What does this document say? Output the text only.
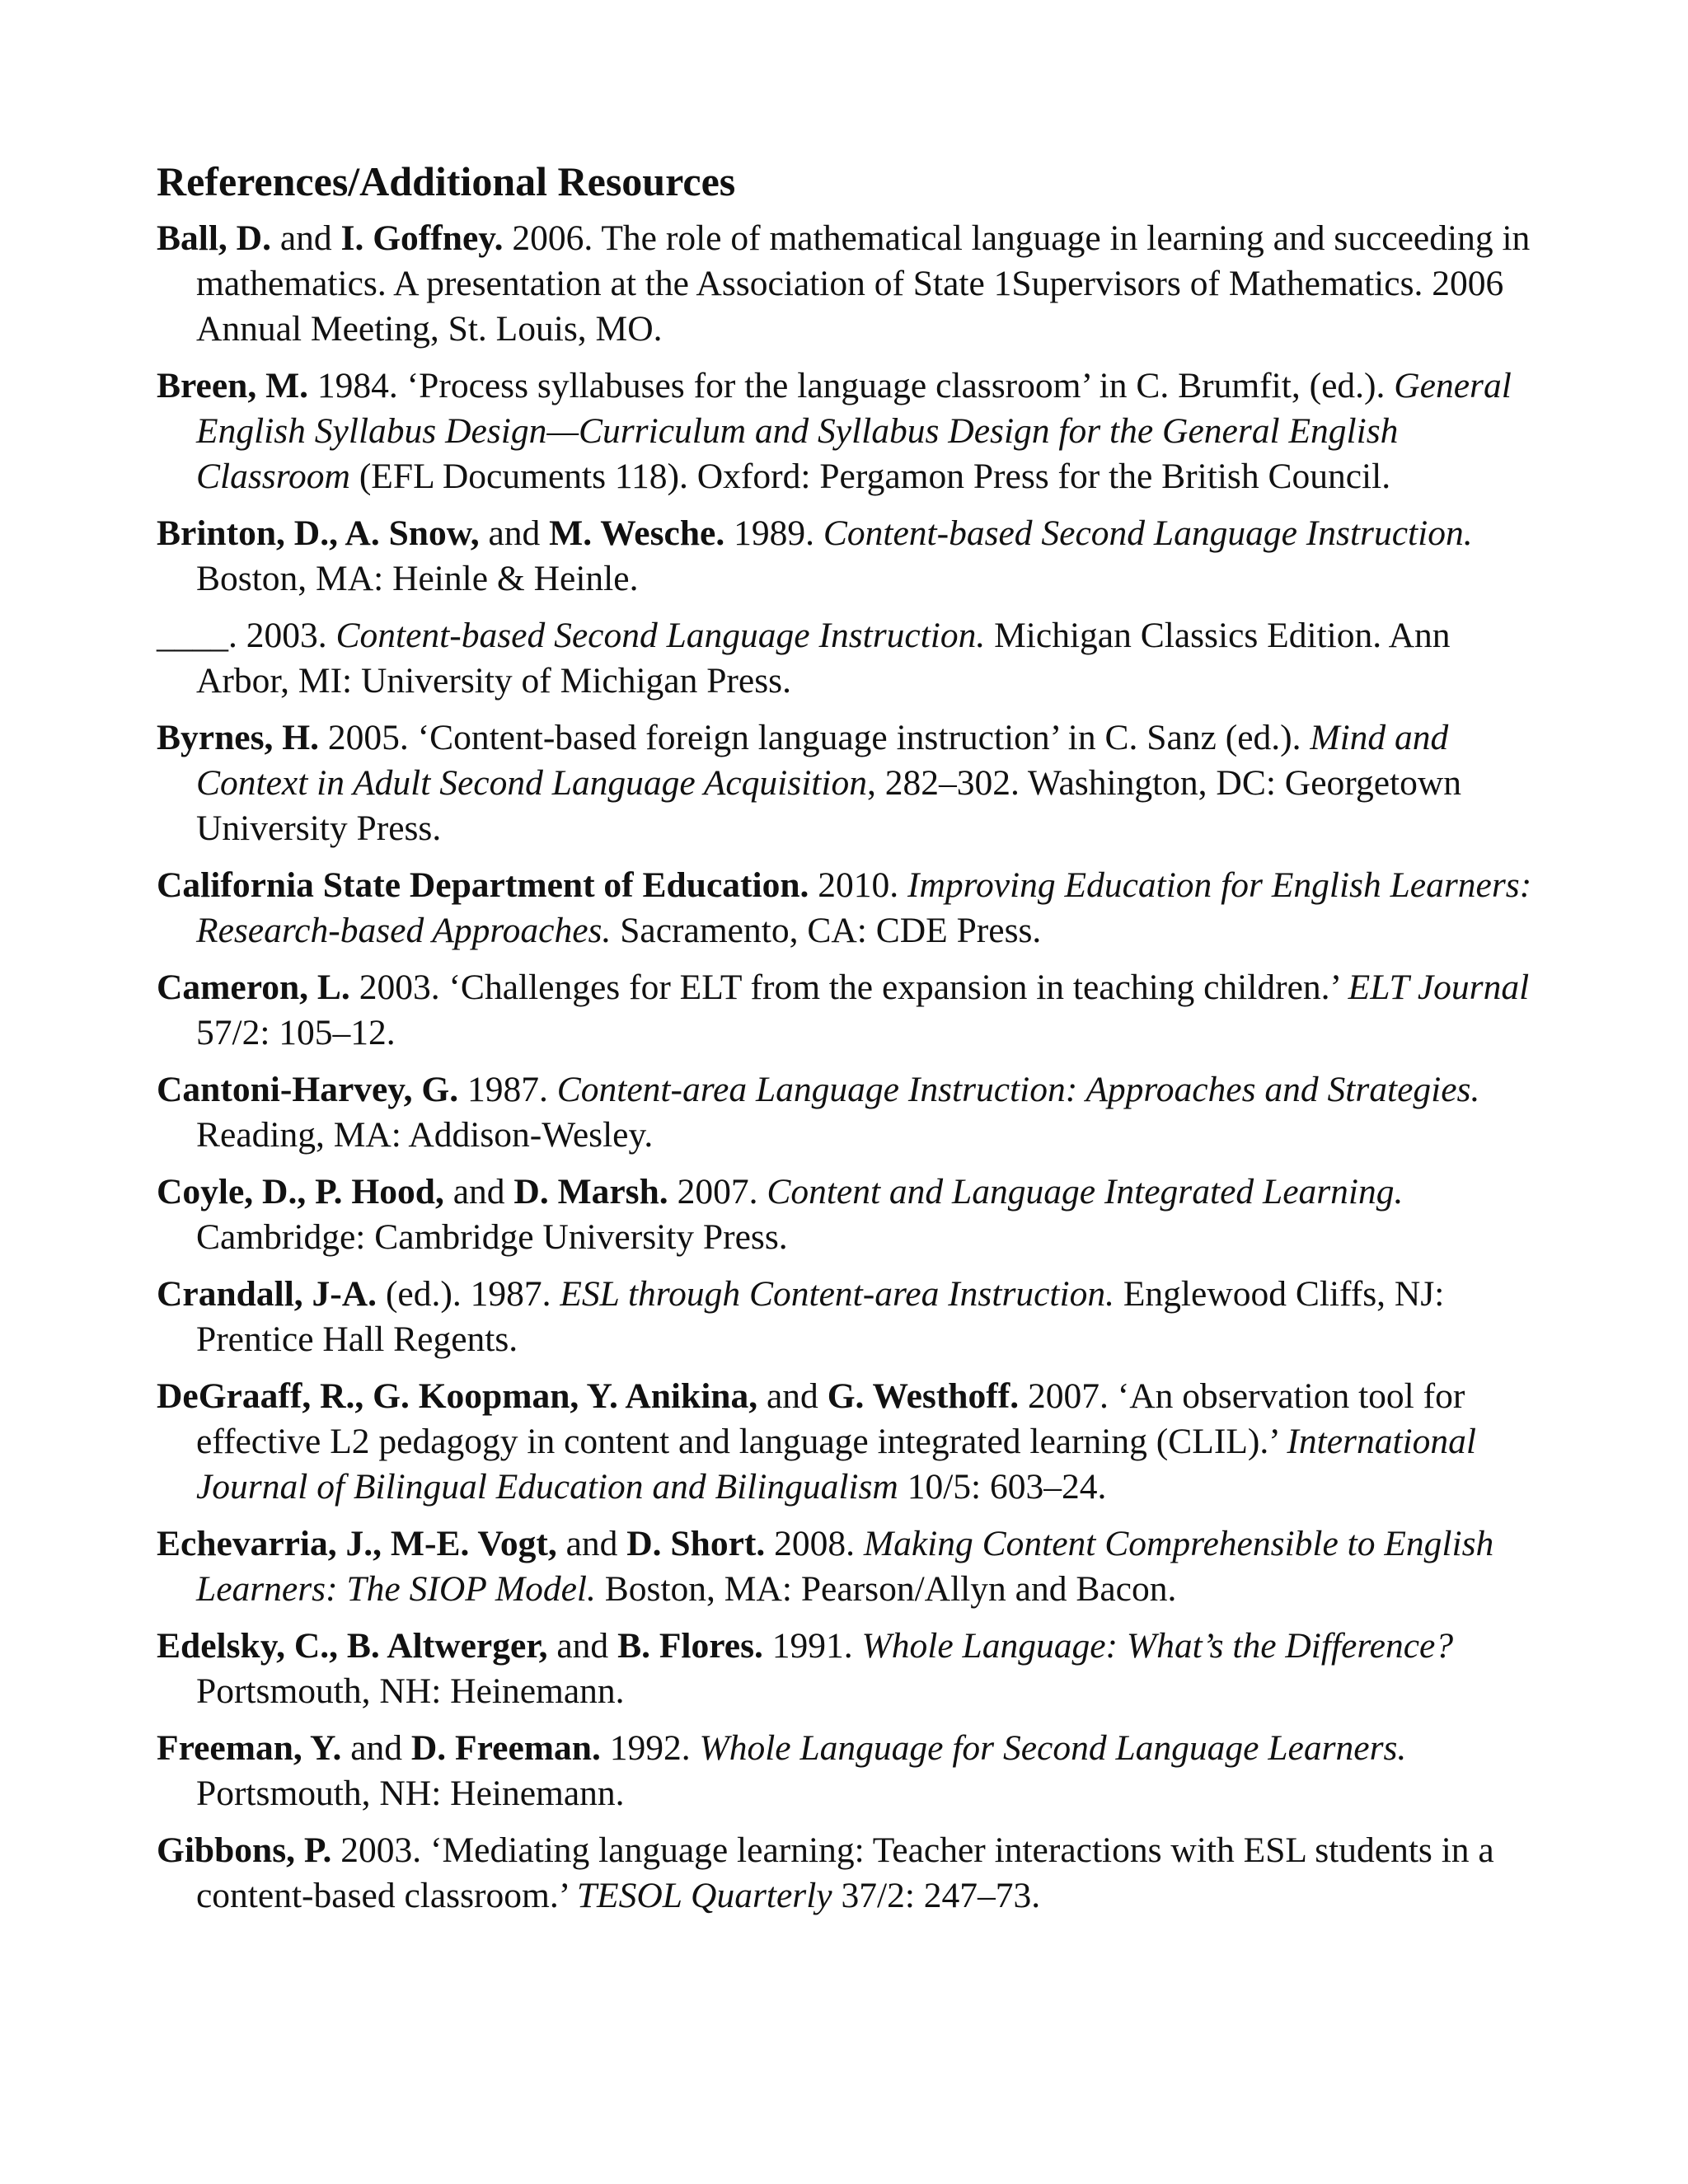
References/Additional Resources

Ball, D. and I. Goffney. 2006. The role of mathematical language in learning and succeeding in mathematics. A presentation at the Association of State 1Supervisors of Mathematics. 2006 Annual Meeting, St. Louis, MO.

Breen, M. 1984. ‘Process syllabuses for the language classroom’ in C. Brumfit, (ed.). General English Syllabus Design—Curriculum and Syllabus Design for the General English Classroom (EFL Documents 118). Oxford: Pergamon Press for the British Council.

Brinton, D., A. Snow, and M. Wesche. 1989. Content-based Second Language Instruction. Boston, MA: Heinle & Heinle.

____. 2003. Content-based Second Language Instruction. Michigan Classics Edition. Ann Arbor, MI: University of Michigan Press.

Byrnes, H. 2005. ‘Content-based foreign language instruction’ in C. Sanz (ed.). Mind and Context in Adult Second Language Acquisition, 282–302. Washington, DC: Georgetown University Press.

California State Department of Education. 2010. Improving Education for English Learners: Research-based Approaches. Sacramento, CA: CDE Press.

Cameron, L. 2003. ‘Challenges for ELT from the expansion in teaching children.’ ELT Journal 57/2: 105–12.

Cantoni-Harvey, G. 1987. Content-area Language Instruction: Approaches and Strategies. Reading, MA: Addison-Wesley.

Coyle, D., P. Hood, and D. Marsh. 2007. Content and Language Integrated Learning. Cambridge: Cambridge University Press.

Crandall, J-A. (ed.). 1987. ESL through Content-area Instruction. Englewood Cliffs, NJ: Prentice Hall Regents.

DeGraaff, R., G. Koopman, Y. Anikina, and G. Westhoff. 2007. ‘An observation tool for effective L2 pedagogy in content and language integrated learning (CLIL).’ International Journal of Bilingual Education and Bilingualism 10/5: 603–24.

Echevarria, J., M-E. Vogt, and D. Short. 2008. Making Content Comprehensible to English Learners: The SIOP Model. Boston, MA: Pearson/Allyn and Bacon.

Edelsky, C., B. Altwerger, and B. Flores. 1991. Whole Language: What’s the Difference? Portsmouth, NH: Heinemann.

Freeman, Y. and D. Freeman. 1992. Whole Language for Second Language Learners. Portsmouth, NH: Heinemann.

Gibbons, P. 2003. ‘Mediating language learning: Teacher interactions with ESL students in a content-based classroom.’ TESOL Quarterly 37/2: 247–73.
